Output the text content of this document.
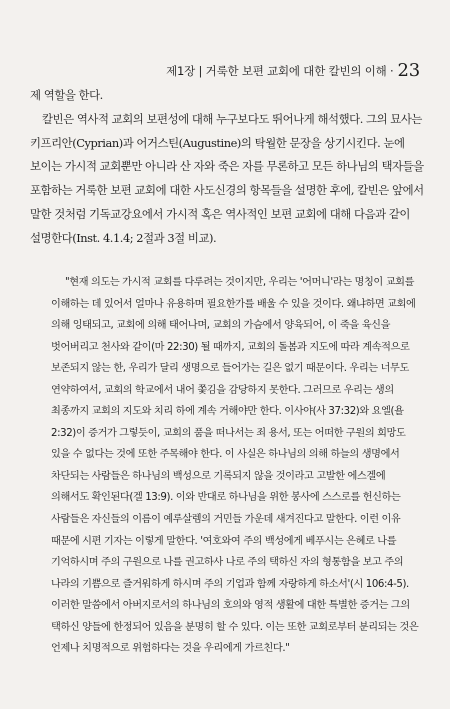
제1장 | 거룩한 보편 교회에 대한 칼빈의 이해 · 23

제 역할을 한다.

칼빈은 역사적 교회의 보편성에 대해 누구보다도 뛰어나게 해석했다. 그의 묘사는 키프리안(Cyprian)과 어거스틴(Augustine)의 탁월한 문장을 상기시킨다. 눈에 보이는 가시적 교회뿐만 아니라 산 자와 죽은 자를 무론하고 모든 하나님의 택자들을 포함하는 거룩한 보편 교회에 대한 사도신경의 항목들을 설명한 후에, 칼빈은 앞에서 말한 것처럼 기독교강요에서 가시적 혹은 역사적인 보편 교회에 대해 다음과 같이 설명한다(Inst. 4.1.4; 2절과 3절 비교).

"현재 의도는 가시적 교회를 다루려는 것이지만, 우리는 '어머니'라는 명칭이 교회를 이해하는 데 있어서 얼마나 유용하며 필요한가를 배울 수 있을 것이다. 왜냐하면 교회에 의해 잉태되고, 교회에 의해 태어나며, 교회의 가슴에서 양육되어, 이 죽을 육신을 벗어버리고 천사와 같이(마 22:30) 될 때까지, 교회의 돌봄과 지도에 따라 계속적으로 보존되지 않는 한, 우리가 달리 생명으로 들어가는 길은 없기 때문이다. 우리는 너무도 연약하여서, 교회의 학교에서 내어 쫓김을 감당하지 못한다. 그러므로 우리는 생의 최종까지 교회의 지도와 치리 하에 계속 거해야만 한다. 이사야(사 37:32)와 요엘(욜 2:32)이 증거가 그렇듯이, 교회의 품을 떠나서는 죄 용서, 또는 어떠한 구원의 희망도 있을 수 없다는 것에 또한 주목해야 한다. 이 사실은 하나님의 의해 하늘의 생명에서 차단되는 사람들은 하나님의 백성으로 기록되지 않을 것이라고 고발한 에스겔에 의해서도 확인된다(겔 13:9). 이와 반대로 하나님을 위한 봉사에 스스로를 헌신하는 사람들은 자신들의 이름이 예루살렘의 거민들 가운데 새겨진다고 말한다. 이런 이유 때문에 시편 기자는 이렇게 말한다. '여호와여 주의 백성에게 베푸시는 은혜로 나를 기억하시며 주의 구원으로 나를 권고하사 나로 주의 택하신 자의 형통함을 보고 주의 나라의 기쁨으로 즐거워하게 하시며 주의 기업과 함께 자랑하게 하소서'(시 106:4-5). 이러한 말씀에서 아버지로서의 하나님의 호의와 영적 생활에 대한 특별한 증거는 그의 택하신 양들에 한정되어 있음을 분명히 할 수 있다. 이는 또한 교회로부터 분리되는 것은 언제나 치명적으로 위험하다는 것을 우리에게 가르친다."
